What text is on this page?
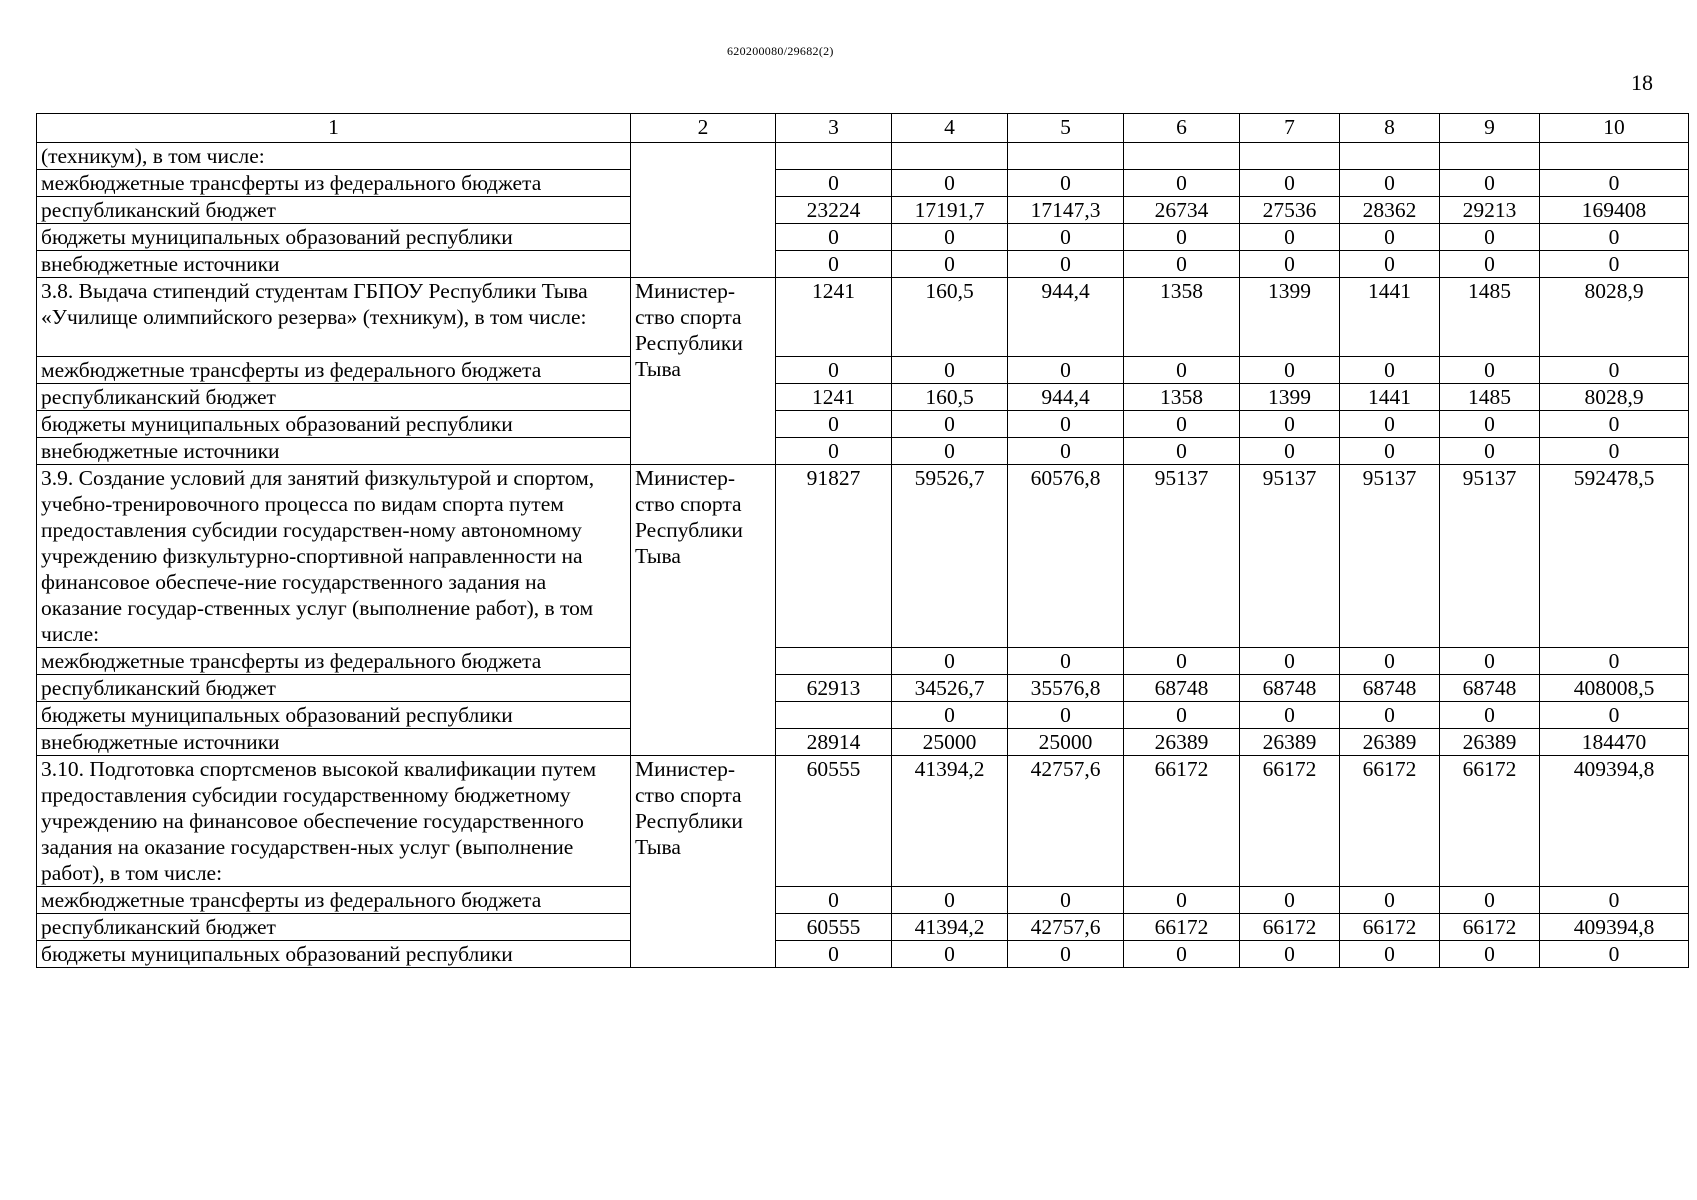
620200080/29682(2)
18
1	2	3	4	5	6	7	8	9	10
(техникум), в том числе:									
межбюджетные трансферты из федерального бюджета		0	0	0	0	0	0	0	0
республиканский бюджет		23224	17191,7	17147,3	26734	27536	28362	29213	169408
бюджеты муниципальных образований республики		0	0	0	0	0	0	0	0
внебюджетные источники		0	0	0	0	0	0	0	0
3.8. Выдача стипендий студентам ГБПОУ Республики Тыва «Училище олимпийского резерва» (техникум), в том числе:	Министер-ство спорта Республики Тыва	1241	160,5	944,4	1358	1399	1441	1485	8028,9
межбюджетные трансферты из федерального бюджета		0	0	0	0	0	0	0	0
республиканский бюджет		1241	160,5	944,4	1358	1399	1441	1485	8028,9
бюджеты муниципальных образований республики		0	0	0	0	0	0	0	0
внебюджетные источники		0	0	0	0	0	0	0	0
3.9. Создание условий для занятий физкультурой и спортом, учебно-тренировочного процесса по видам спорта путем предоставления субсидии государствен-ному автономному учреждению физкультурно-спортивной направленности на финансовое обеспече-ние государственного задания на оказание государ-ственных услуг (выполнение работ), в том числе:	Министер-ство спорта Республики Тыва	91827	59526,7	60576,8	95137	95137	95137	95137	592478,5
межбюджетные трансферты из федерального бюджета			0	0	0	0	0	0	0
республиканский бюджет		62913	34526,7	35576,8	68748	68748	68748	68748	408008,5
бюджеты муниципальных образований республики			0	0	0	0	0	0	0
внебюджетные источники		28914	25000	25000	26389	26389	26389	26389	184470
3.10. Подготовка спортсменов высокой квалификации путем предоставления субсидии государственному бюджетному учреждению на финансовое обеспечение государственного задания на оказание государствен-ных услуг (выполнение работ), в том числе:	Министер-ство спорта Республики Тыва	60555	41394,2	42757,6	66172	66172	66172	66172	409394,8
межбюджетные трансферты из федерального бюджета		0	0	0	0	0	0	0	0
республиканский бюджет		60555	41394,2	42757,6	66172	66172	66172	66172	409394,8
бюджеты муниципальных образований республики		0	0	0	0	0	0	0	0
